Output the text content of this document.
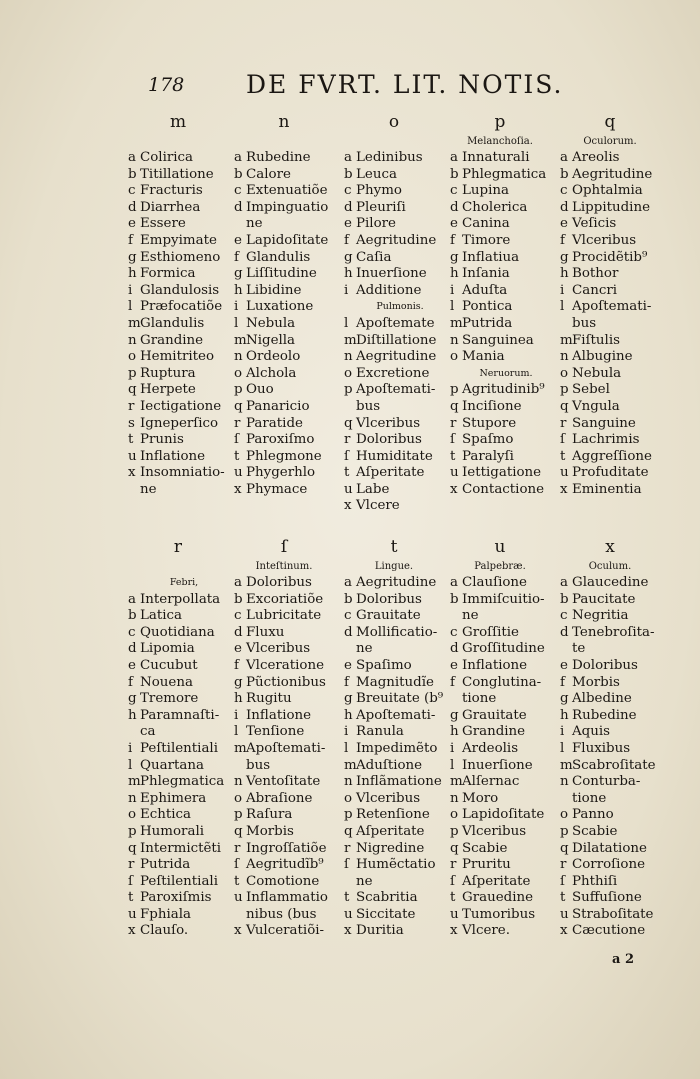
178 DE FVRT. LIT. NOTIS.
m
a Colirica
b Titillatione
c Fracturis
d Diarrhea
e Essere
f Empyimate
g Esthiomeno
h Formica
i Glandulosis
l Præfocatiõe
mGlandulis
n Grandine
o Hemitriteo
p Ruptura
q Herpete
r Iectigatione
s Igneperſico
t Prunis
u Inflatione
x Insomniatio-
ne
n
a Rubedine
b Calore
c Extenuatiõe
d Impinguatio
ne
e Lapidoſitate
f Glandulis
g Liſſitudine
h Libidine
i Luxatione
l Nebula
mNigella
n Ordeolo
o Alchola
p Ouo
q Panaricio
r Paratide
ſ Paroxiſmo
t Phlegmone
u Phygerhlo
x Phymace
o
a Ledinibus
b Leuca
c Phymo
d Pleuriſi
e Pilore
f Aegritudine
g Caſia
h Inuerſione
i Additione
Pulmonis.
l Apoſtemate
mDiſtillatione
n Aegritudine
o Excretione
p Apoſtemati-
bus
q Vlceribus
r Doloribus
ſ Humiditate
t Aſperitate
u Labe
x Vlcere
p
Melanchoſia.
a Innaturali
b Phlegmatica
c Lupina
d Cholerica
e Canina
f Timore
g Inflatiua
h Inſania
i Aduſta
l Pontica
mPutrida
n Sanguinea
o Mania
Neruorum.
p Agritudinib⁹
q Inciſione
r Stupore
ſ Spaſmo
t Paralyſi
u Iettigatione
x Contactione
q
Oculorum.
a Areolis
b Aegritudine
c Ophtalmia
d Lippitudine
e Veſicis
f Vlceribus
g Procidẽtib⁹
h Bothor
i Cancri
l Apoſtemati-
bus
mFiſtulis
n Albugine
o Nebula
p Sebel
q Vngula
r Sanguine
ſ Lachrimis
t Aggreſſione
u Profuditate
x Eminentia
r
Febri,
a Interpollata
b Latica
c Quotidiana
d Lipomia
e Cucubut
f Nouena
g Tremore
h Paramnaſti-
ca
i Peſtilentiali
l Quartana
mPhlegmatica
n Ephimera
o Echtica
p Humorali
q Intermictẽti
r Putrida
ſ Peſtilentiali
t Paroxiſmis
u Fphiala
x Clauſo.
ſ
Inteſtinum.
a Doloribus
b Excoriatiõe
c Lubricitate
d Fluxu
e Vlceribus
f Vlceratione
g Pũctionibus
h Rugitu
i Inflatione
l Tenſione
mApoſtemati-
bus
n Ventoſitate
o Abraſione
p Raſura
q Morbis
r Ingroſſatiõe
ſ Aegritudĩb⁹
t Comotione
u Inflammatio
nibus (bus
x Vulceratiõi-
t
Lingue.
a Aegritudine
b Doloribus
c Grauitate
d Mollificatio-
ne
e Spaſimo
f Magnitudĩe
g Breuitate (b⁹
h Apoſtemati-
i Ranula
l Impedimẽto
mAduſtione
n Inflãmatione
o Vlceribus
p Retenſione
q Aſperitate
r Nigredine
ſ Humẽctatio
ne
t Scabritia
u Siccitate
x Duritia
u
Palpebræ.
a Clauſione
b Immiſcuitio-
ne
c Groſſitie
d Groſſitudine
e Inflatione
f Conglutina-
tione
g Grauitate
h Grandine
i Ardeolis
l Inuerſione
mAlſernac
n Moro
o Lapidoſitate
p Vlceribus
q Scabie
r Pruritu
ſ Aſperitate
t Grauedine
u Tumoribus
x Vlcere.
x
Oculum.
a Glaucedine
b Paucitate
c Negritia
d Tenebroſita-
te
e Doloribus
f Morbis
g Albedine
h Rubedine
i Aquis
l Fluxibus
mScabroſitate
n Conturba-
tione
o Panno
p Scabie
q Dilatatione
r Corroſione
ſ Phthiſi
t Suffuſione
u Straboſitate
x Cæcutione
a 2
